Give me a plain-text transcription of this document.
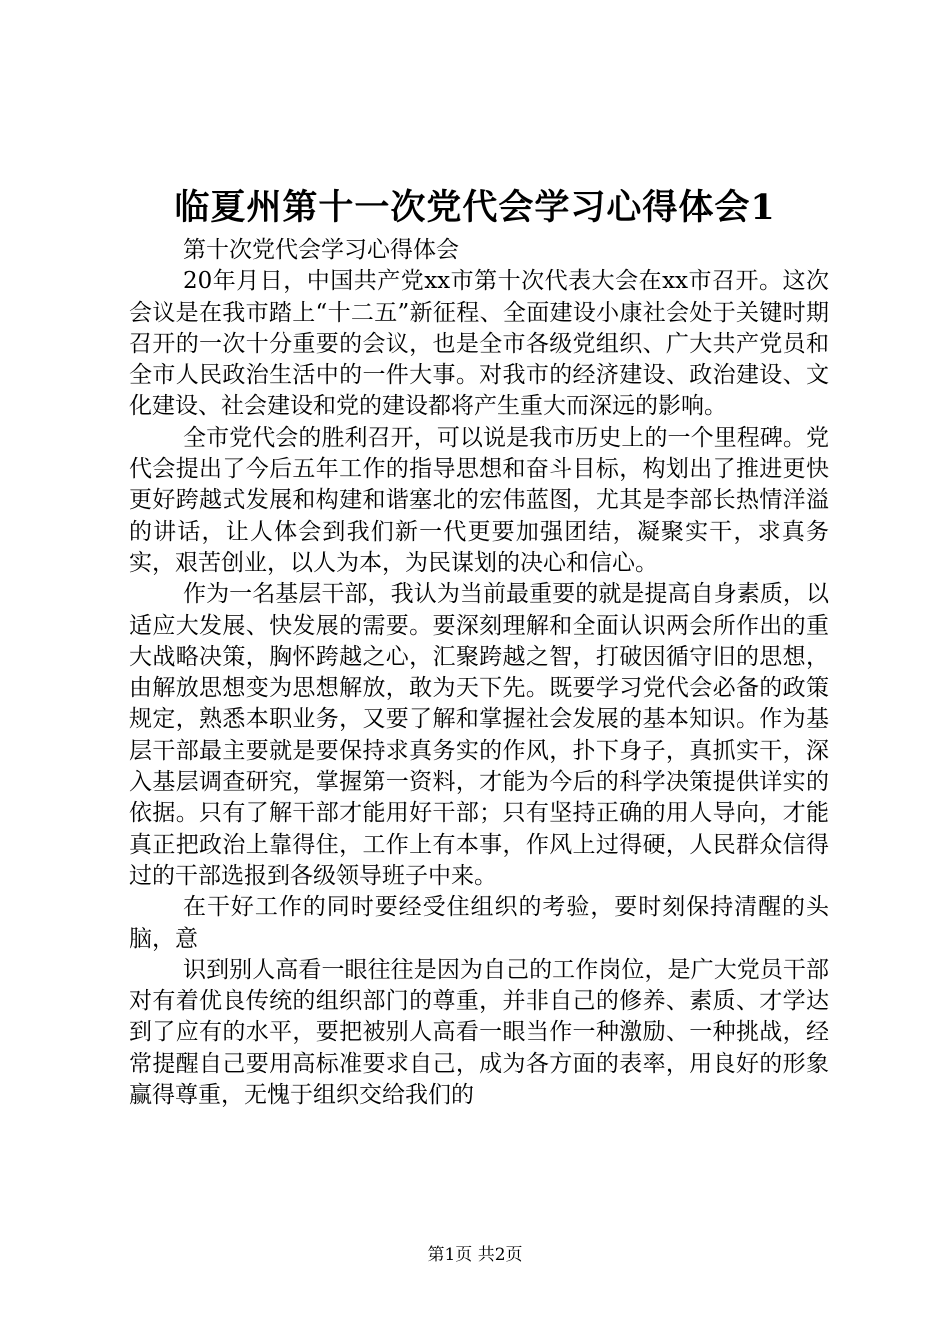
临夏州第十一次党代会学习心得体会1

第十次党代会学习心得体会

20年月日，中国共产党xx市第十次代表大会在xx市召开。这次会议是在我市踏上“十二五”新征程、全面建设小康社会处于关键时期召开的一次十分重要的会议，也是全市各级党组织、广大共产党员和全市人民政治生活中的一件大事。对我市的经济建设、政治建设、文化建设、社会建设和党的建设都将产生重大而深远的影响。

全市党代会的胜利召开，可以说是我市历史上的一个里程碑。党代会提出了今后五年工作的指导思想和奋斗目标，构划出了推进更快更好跨越式发展和构建和谐塞北的宏伟蓝图，尤其是李部长热情洋溢的讲话，让人体会到我们新一代更要加强团结，凝聚实干，求真务实，艰苦创业，以人为本，为民谋划的决心和信心。

作为一名基层干部，我认为当前最重要的就是提高自身素质，以适应大发展、快发展的需要。要深刻理解和全面认识两会所作出的重大战略决策，胸怀跨越之心，汇聚跨越之智，打破因循守旧的思想，由解放思想变为思想解放，敢为天下先。既要学习党代会必备的政策规定，熟悉本职业务，又要了解和掌握社会发展的基本知识。作为基层干部最主要就是要保持求真务实的作风，扑下身子，真抓实干，深入基层调查研究，掌握第一资料，才能为今后的科学决策提供详实的依据。只有了解干部才能用好干部；只有坚持正确的用人导向，才能真正把政治上靠得住，工作上有本事，作风上过得硬，人民群众信得过的干部选报到各级领导班子中来。

在干好工作的同时要经受住组织的考验，要时刻保持清醒的头脑，意

识到别人高看一眼往往是因为自己的工作岗位，是广大党员干部对有着优良传统的组织部门的尊重，并非自己的修养、素质、才学达到了应有的水平，要把被别人高看一眼当作一种激励、一种挑战，经常提醒自己要用高标准要求自己，成为各方面的表率，用良好的形象赢得尊重，无愧于组织交给我们的

第1页 共2页
